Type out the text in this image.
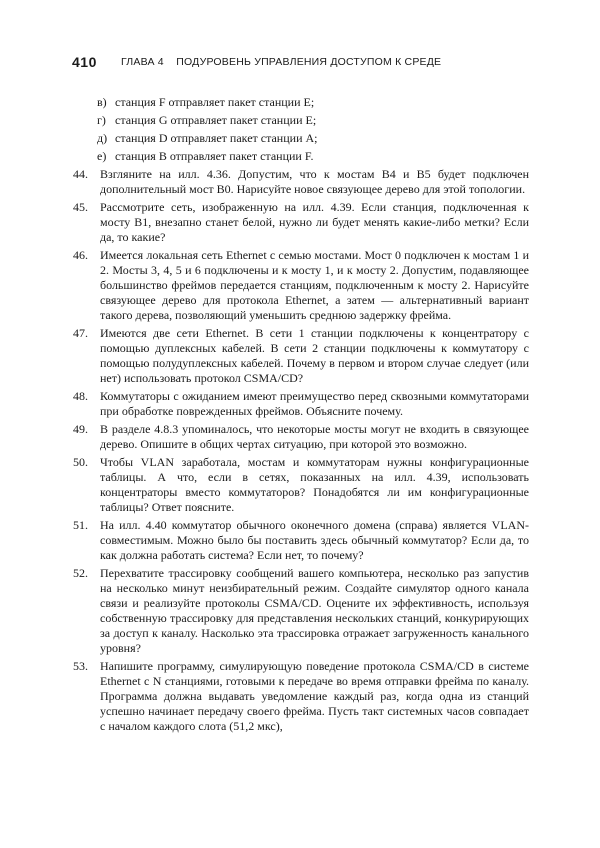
410 ГЛАВА 4    ПОДУРОВЕНЬ УПРАВЛЕНИЯ ДОСТУПОМ К СРЕДЕ
в) станция F отправляет пакет станции E;
г) станция G отправляет пакет станции E;
д) станция D отправляет пакет станции A;
е) станция B отправляет пакет станции F.
44. Взгляните на илл. 4.36. Допустим, что к мостам B4 и B5 будет подключен дополнительный мост B0. Нарисуйте новое связующее дерево для этой топологии.
45. Рассмотрите сеть, изображенную на илл. 4.39. Если станция, подключенная к мосту B1, внезапно станет белой, нужно ли будет менять какие-либо метки? Если да, то какие?
46. Имеется локальная сеть Ethernet с семью мостами. Мост 0 подключен к мостам 1 и 2. Мосты 3, 4, 5 и 6 подключены и к мосту 1, и к мосту 2. Допустим, подавляющее большинство фреймов передается станциям, подключенным к мосту 2. Нарисуйте связующее дерево для протокола Ethernet, а затем — альтернативный вариант такого дерева, позволяющий уменьшить среднюю задержку фрейма.
47. Имеются две сети Ethernet. В сети 1 станции подключены к концентратору с помощью дуплексных кабелей. В сети 2 станции подключены к коммутатору с помощью полудуплексных кабелей. Почему в первом и втором случае следует (или нет) использовать протокол CSMA/CD?
48. Коммутаторы с ожиданием имеют преимущество перед сквозными коммутаторами при обработке поврежденных фреймов. Объясните почему.
49. В разделе 4.8.3 упоминалось, что некоторые мосты могут не входить в связующее дерево. Опишите в общих чертах ситуацию, при которой это возможно.
50. Чтобы VLAN заработала, мостам и коммутаторам нужны конфигурационные таблицы. А что, если в сетях, показанных на илл. 4.39, использовать концентраторы вместо коммутаторов? Понадобятся ли им конфигурационные таблицы? Ответ поясните.
51. На илл. 4.40 коммутатор обычного оконечного домена (справа) является VLAN-совместимым. Можно было бы поставить здесь обычный коммутатор? Если да, то как должна работать система? Если нет, то почему?
52. Перехватите трассировку сообщений вашего компьютера, несколько раз запустив на несколько минут неизбирательный режим. Создайте симулятор одного канала связи и реализуйте протоколы CSMA/CD. Оцените их эффективность, используя собственную трассировку для представления нескольких станций, конкурирующих за доступ к каналу. Насколько эта трассировка отражает загруженность канального уровня?
53. Напишите программу, симулирующую поведение протокола CSMA/CD в системе Ethernet с N станциями, готовыми к передаче во время отправки фрейма по каналу. Программа должна выдавать уведомление каждый раз, когда одна из станций успешно начинает передачу своего фрейма. Пусть такт системных часов совпадает с началом каждого слота (51,2 мкс),
